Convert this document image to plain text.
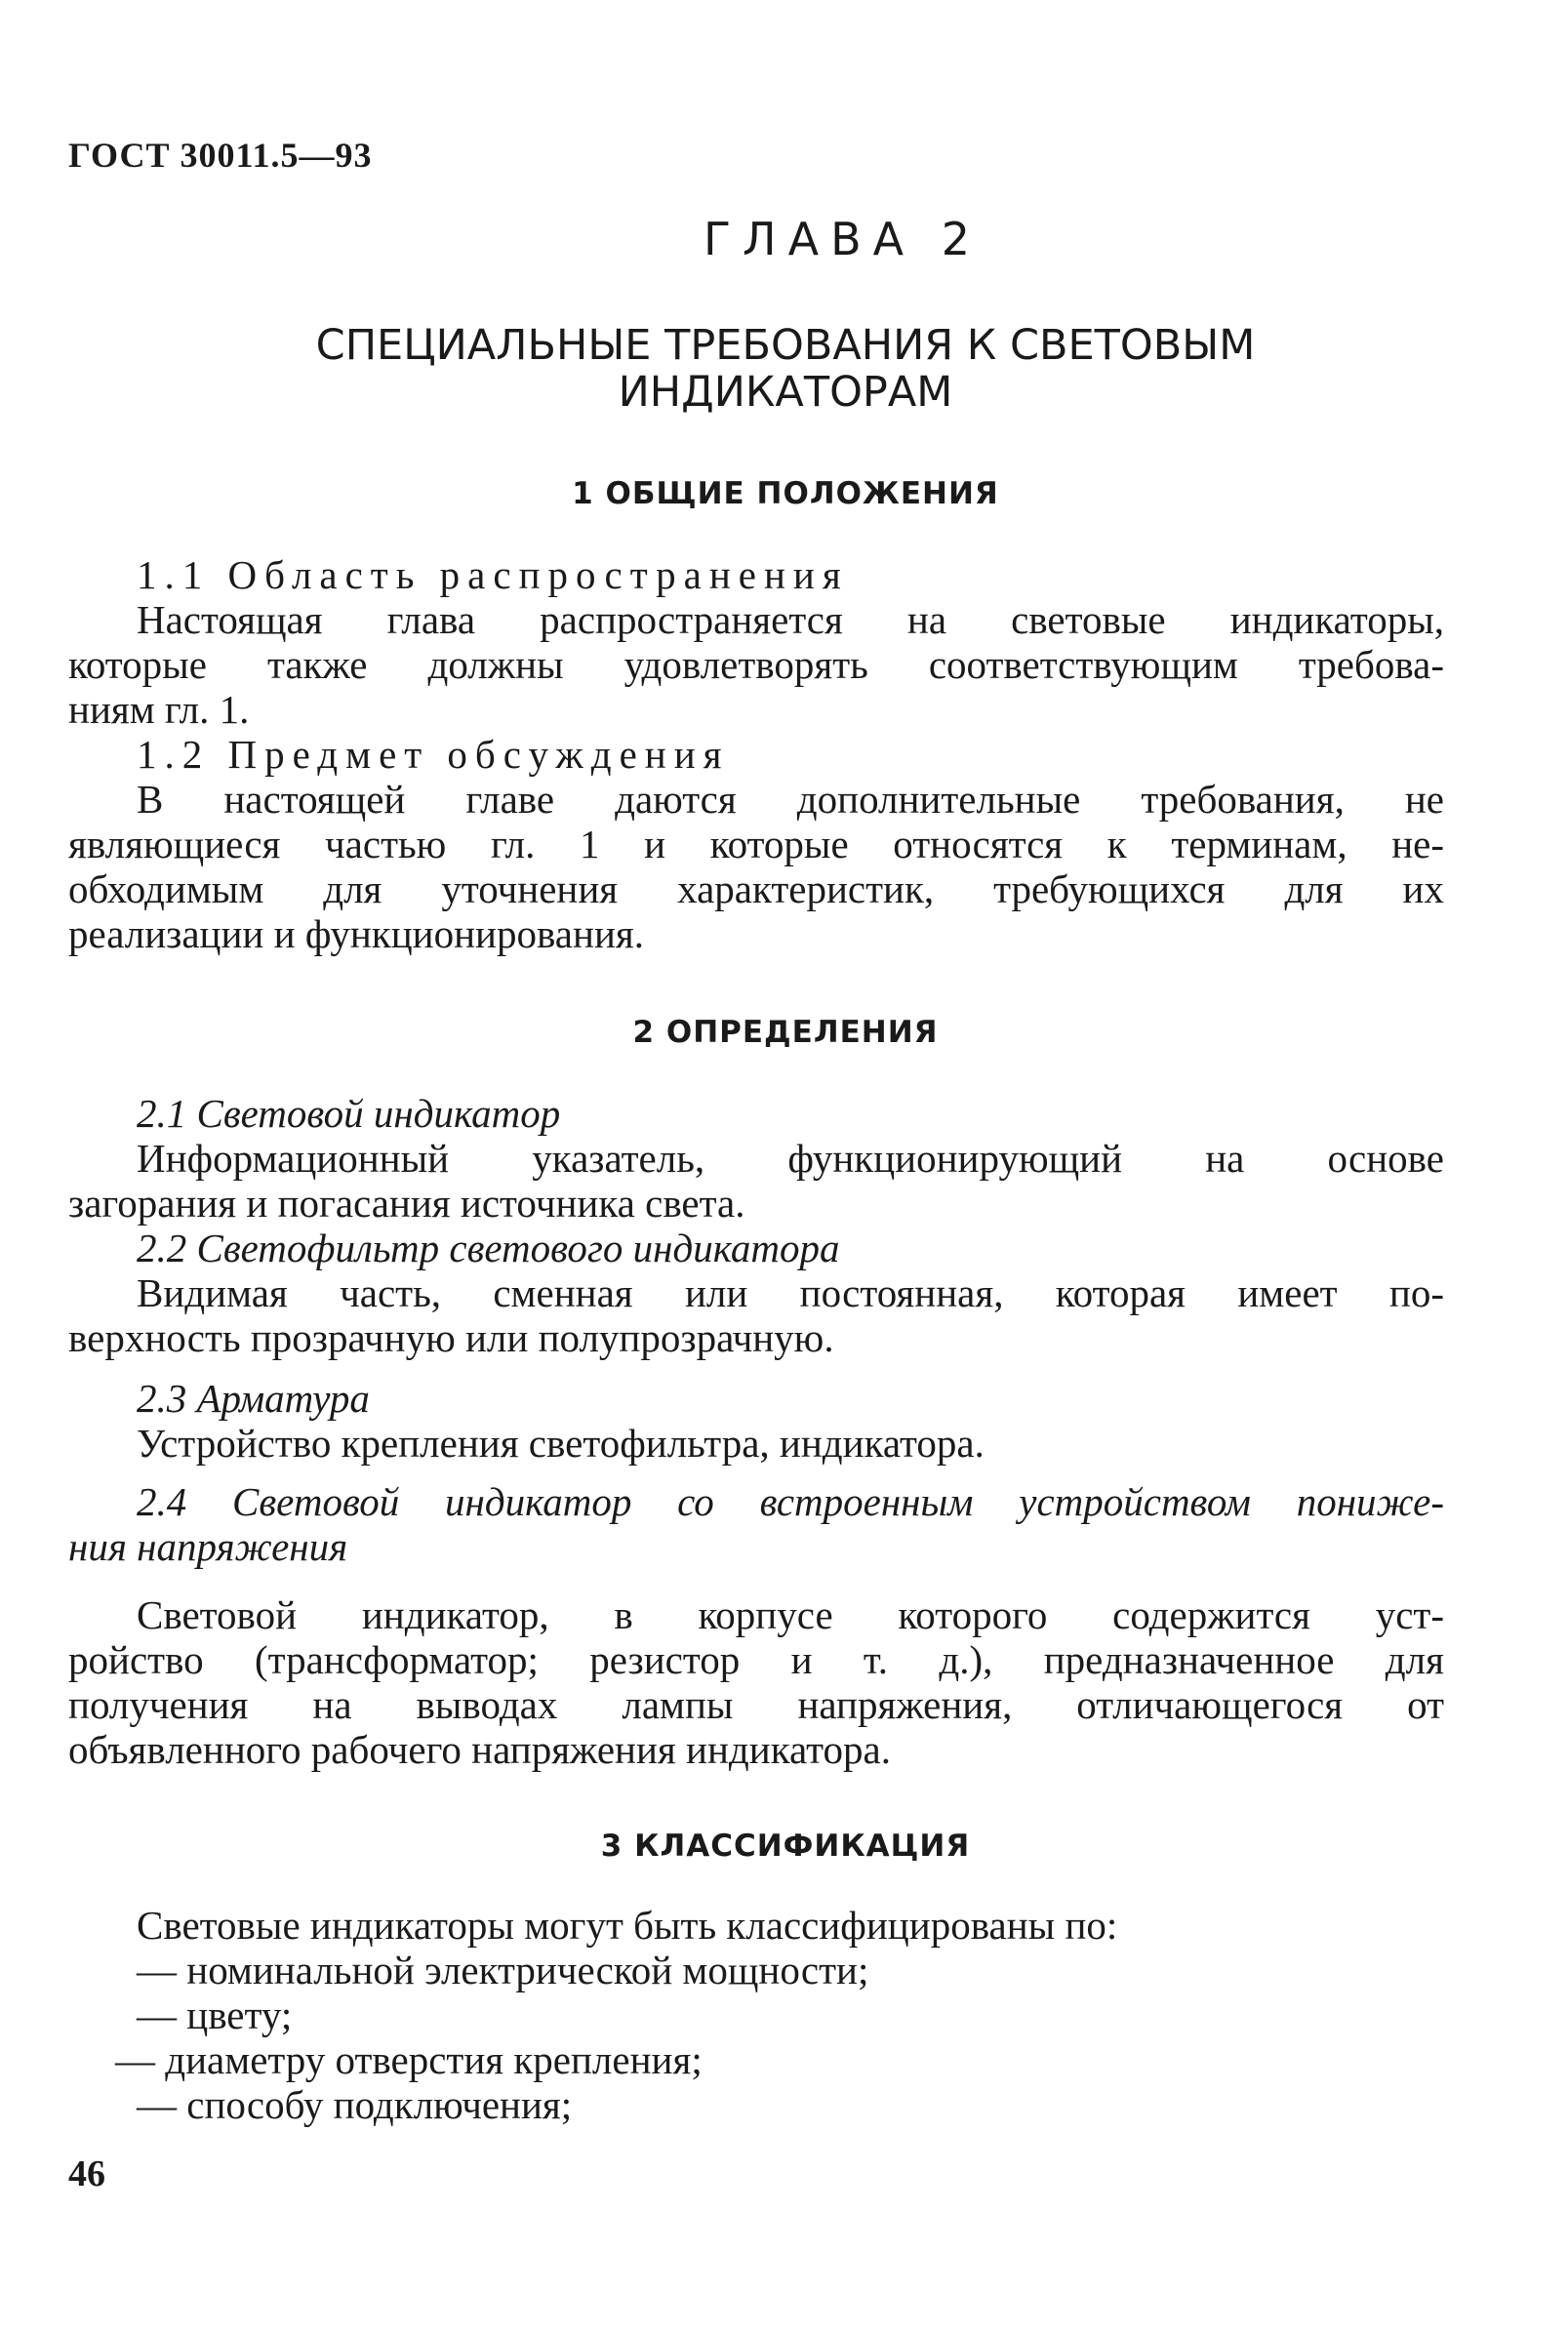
ГОСТ 30011.5—93
ГЛАВА 2
СПЕЦИАЛЬНЫЕ ТРЕБОВАНИЯ К СВЕТОВЫМ
ИНДИКАТОРАМ
1 ОБЩИЕ ПОЛОЖЕНИЯ
1.1 Область распространения
Настоящая глава распространяется на световые индикаторы,
которые также должны удовлетворять соответствующим требова-
ниям гл. 1.
1.2 Предмет обсуждения
В настоящей главе даются дополнительные требования, не
являющиеся частью гл. 1 и которые относятся к терминам, не-
обходимым для уточнения характеристик, требующихся для их
реализации и функционирования.
2 ОПРЕДЕЛЕНИЯ
2.1 Световой индикатор
Информационный указатель, функционирующий на основе
загорания и погасания источника света.
2.2 Светофильтр светового индикатора
Видимая часть, сменная или постоянная, которая имеет по-
верхность прозрачную или полупрозрачную.
2.3 Арматура
Устройство крепления светофильтра, индикатора.
2.4 Световой индикатор со встроенным устройством пониже-
ния напряжения
Световой индикатор, в корпусе которого содержится уст-
ройство (трансформатор; резистор и т. д.), предназначенное для
получения на выводах лампы напряжения, отличающегося от
объявленного рабочего напряжения индикатора.
3 КЛАССИФИКАЦИЯ
Световые индикаторы могут быть классифицированы по:
— номинальной электрической мощности;
— цвету;
— диаметру отверстия крепления;
— способу подключения;
46
